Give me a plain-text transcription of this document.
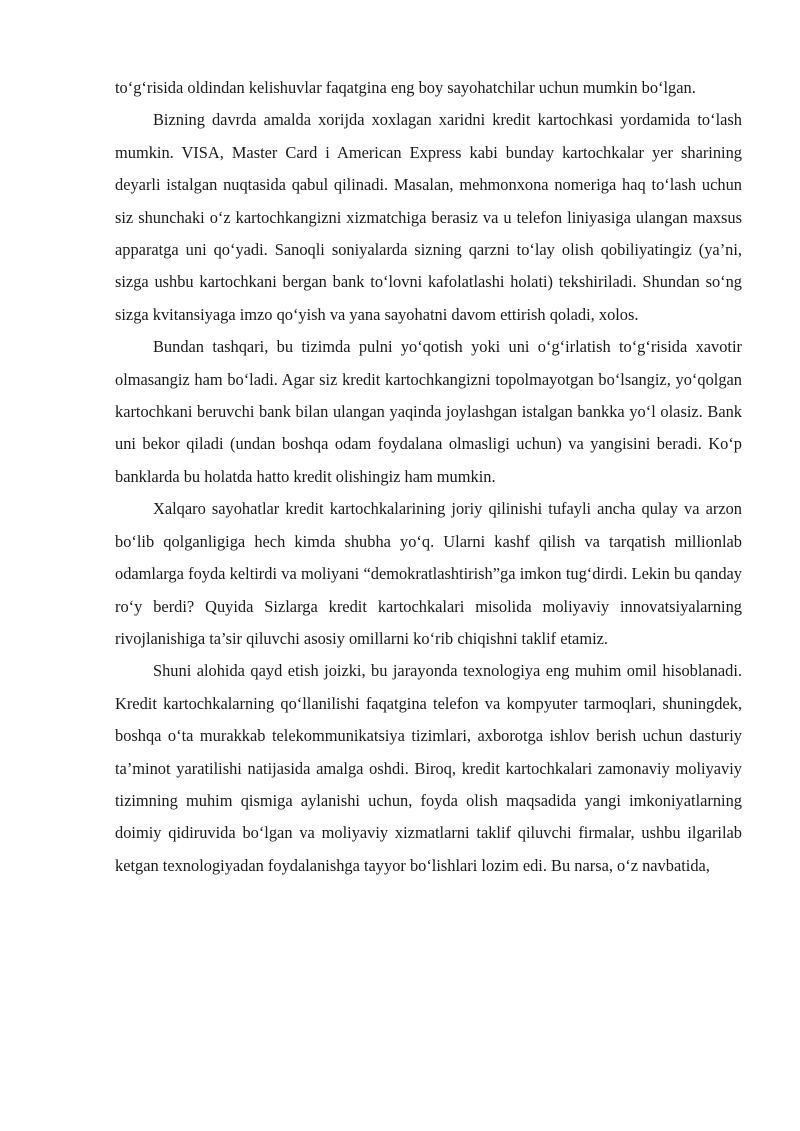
to‘g‘risida oldindan kelishuvlar faqatgina eng boy sayohatchilar uchun mumkin bo‘lgan.

Bizning davrda amalda xorijda xoxlagan xaridni kredit kartochkasi yordamida to‘lash mumkin. VISA, Master Card i American Express kabi bunday kartochkalar yer sharining deyarli istalgan nuqtasida qabul qilinadi. Masalan, mehmonxona nomeriga haq to‘lash uchun siz shunchaki o‘z kartochkangizni xizmatchiga berasiz va u telefon liniyasiga ulangan maxsus apparatga uni qo‘yadi. Sanoqli soniyalarda sizning qarzni to‘lay olish qobiliyatingiz (ya’ni, sizga ushbu kartochkani bergan bank to‘lovni kafolatlashi holati) tekshiriladi. Shundan so‘ng sizga kvitansiyaga imzo qo‘yish va yana sayohatni davom ettirish qoladi, xolos.

Bundan tashqari, bu tizimda pulni yo‘qotish yoki uni o‘g‘irlatish to‘g‘risida xavotir olmasangiz ham bo‘ladi. Agar siz kredit kartochkangizni topolmayotgan bo‘lsangiz, yo‘qolgan kartochkani beruvchi bank bilan ulangan yaqinda joylashgan istalgan bankka yo‘l olasiz. Bank uni bekor qiladi (undan boshqa odam foydalana olmasligi uchun) va yangisini beradi. Ko‘p banklarda bu holatda hatto kredit olishingiz ham mumkin.

Xalqaro sayohatlar kredit kartochkalarining joriy qilinishi tufayli ancha qulay va arzon bo‘lib qolganligiga hech kimda shubha yo‘q. Ularni kashf qilish va tarqatish millionlab odamlarga foyda keltirdi va moliyani “demokratlashtirish”ga imkon tug‘dirdi. Lekin bu qanday ro‘y berdi? Quyida Sizlarga kredit kartochkalari misolida moliyaviy innovatsiyalarning rivojlanishiga ta’sir qiluvchi asosiy omillarni ko‘rib chiqishni taklif etamiz.

Shuni alohida qayd etish joizki, bu jarayonda texnologiya eng muhim omil hisoblanadi. Kredit kartochkalarning qo‘llanilishi faqatgina telefon va kompyuter tarmoqlari, shuningdek, boshqa o‘ta murakkab telekommunikatsiya tizimlari, axborotga ishlov berish uchun dasturiy ta’minot yaratilishi natijasida amalga oshdi. Biroq, kredit kartochkalari zamonaviy moliyaviy tizimning muhim qismiga aylanishi uchun, foyda olish maqsadida yangi imkoniyatlarning doimiy qidiruvida bo‘lgan va moliyaviy xizmatlarni taklif qiluvchi firmalar, ushbu ilgarilab ketgan texnologiyadan foydalanishga tayyor bo‘lishlari lozim edi. Bu narsa, o‘z navbatida,
